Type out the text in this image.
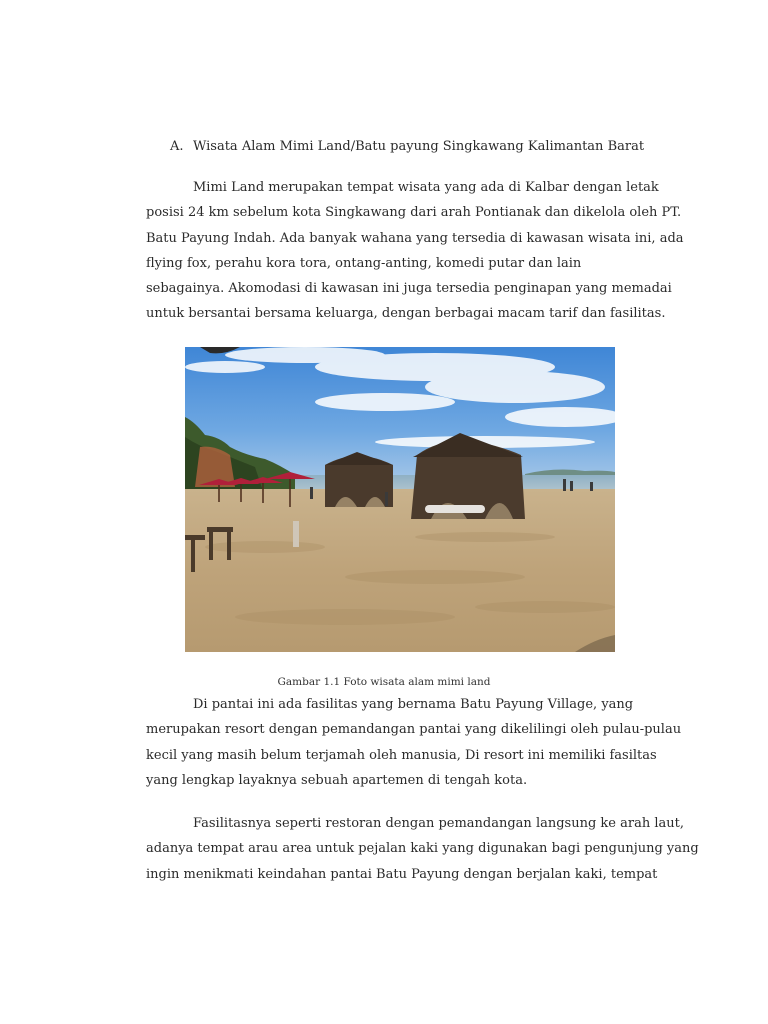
A. Wisata Alam Mimi Land/Batu payung Singkawang Kalimantan Barat
Mimi Land merupakan tempat wisata yang ada di Kalbar dengan letak
posisi 24 km sebelum kota Singkawang dari arah Pontianak dan dikelola oleh PT.
Batu Payung Indah. Ada banyak wahana yang tersedia di kawasan wisata ini, ada
flying fox, perahu kora tora, ontang-anting, komedi putar dan lain
sebagainya. Akomodasi di kawasan ini juga tersedia penginapan yang memadai
untuk bersantai bersama keluarga, dengan berbagai macam tarif dan fasilitas.
Gambar 1.1 Foto wisata alam mimi land
Di pantai ini ada fasilitas yang bernama Batu Payung Village, yang
merupakan resort dengan pemandangan pantai yang dikelilingi oleh pulau-pulau
kecil yang masih belum terjamah oleh manusia, Di resort ini memiliki fasiltas
yang lengkap layaknya sebuah apartemen di tengah kota.
Fasilitasnya seperti restoran dengan pemandangan langsung ke arah laut,
adanya tempat arau area untuk pejalan kaki yang digunakan bagi pengunjung yang
ingin menikmati keindahan pantai Batu Payung dengan berjalan kaki, tempat
